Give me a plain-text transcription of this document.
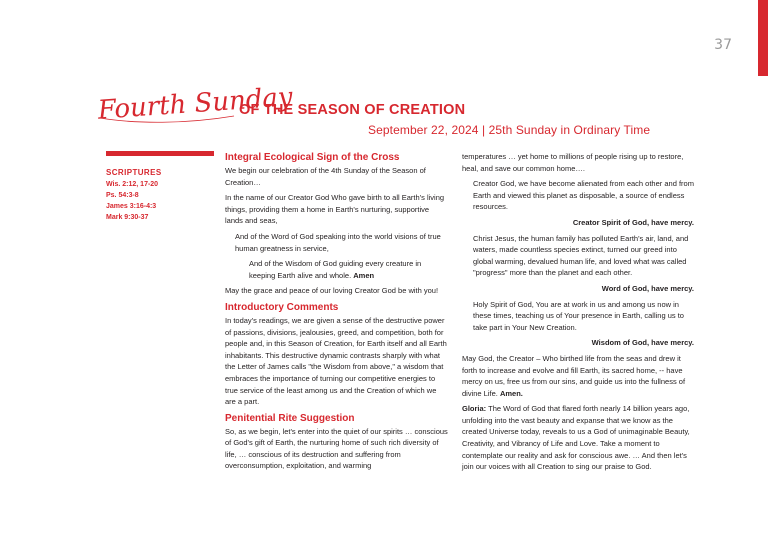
37
Fourth Sunday
OF THE SEASON OF CREATION
September 22, 2024 | 25th Sunday in Ordinary Time
SCRIPTURES
Wis. 2:12, 17-20
Ps. 54:3-8
James 3:16-4:3
Mark 9:30-37
Integral Ecological Sign of the Cross

We begin our celebration of the 4th Sunday of the Season of Creation…

In the name of our Creator God Who gave birth to all Earth's living things, providing them a home in Earth's nurturing, supportive lands and seas,

And of the Word of God speaking into the world visions of true human greatness in service,

And of the Wisdom of God guiding every creature in keeping Earth alive and whole. Amen

May the grace and peace of our loving Creator God be with you!

Introductory Comments

In today's readings, we are given a sense of the destructive power of passions, divisions, jealousies, greed, and competition, both for people and, in this Season of Creation, for Earth itself and all Earth inhabitants. This destructive dynamic contrasts sharply with what the Letter of James calls "the Wisdom from above," a wisdom that embraces the importance of turning our competitive energies to true service of the least among us and the Creation of which we are a part.

Penitential Rite Suggestion

So, as we begin, let's enter into the quiet of our spirits … conscious of God's gift of Earth, the nurturing home of such rich diversity of life, … conscious of its destruction and suffering from overconsumption, exploitation, and warming

temperatures … yet home to millions of people rising up to restore, heal, and save our common home….

Creator God, we have become alienated from each other and from Earth and viewed this planet as disposable, a source of endless resources.

Creator Spirit of God, have mercy.

Christ Jesus, the human family has polluted Earth's air, land, and waters, made countless species extinct, turned our greed into global warming, devalued human life, and loved what was called "progress" more than the planet and each other.

Word of God, have mercy.

Holy Spirit of God, You are at work in us and among us now in these times, teaching us of Your presence in Earth, calling us to take part in Your New Creation.

Wisdom of God, have mercy.

May God, the Creator – Who birthed life from the seas and drew it forth to increase and evolve and fill Earth, its sacred home, -- have mercy on us, free us from our sins, and guide us into the fullness of divine Life. Amen.

Gloria: The Word of God that flared forth nearly 14 billion years ago, unfolding into the vast beauty and expanse that we know as the created Universe today, reveals to us a God of unimaginable Beauty, Creativity, and Vibrancy of Life and Love. Take a moment to contemplate our reality and ask for conscious awe. … And then let's join our voices with all Creation to sing our praise to God.
